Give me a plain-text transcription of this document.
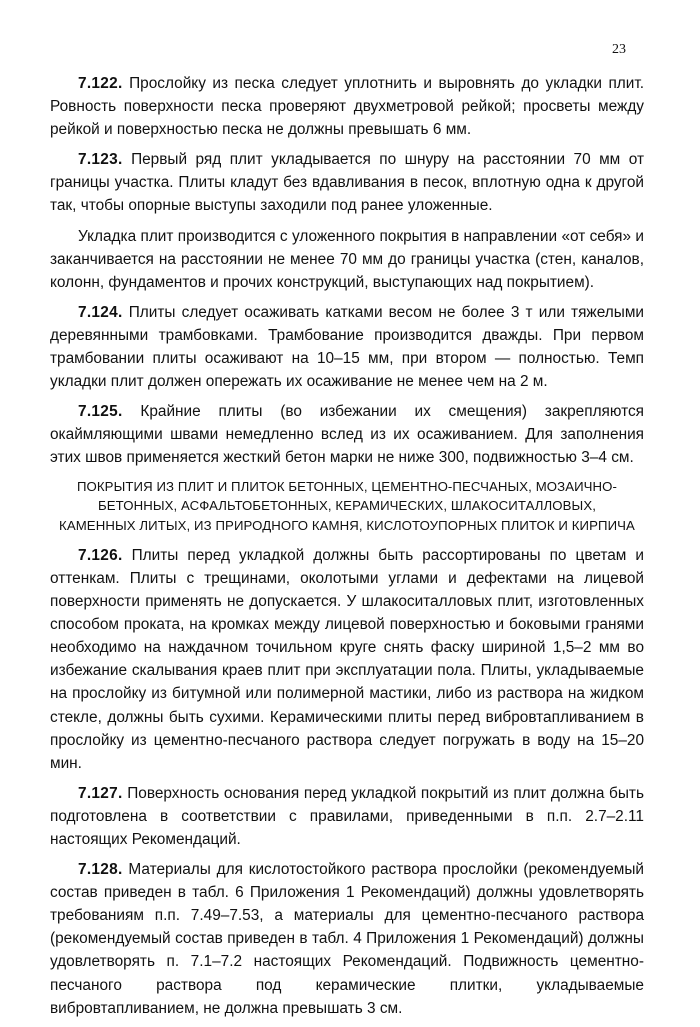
23

7.122. Прослойку из песка следует уплотнить и выровнять до укладки плит. Ровность поверхности песка проверяют двухметровой рейкой; просветы между рейкой и поверхностью песка не должны превышать 6 мм.

7.123. Первый ряд плит укладывается по шнуру на расстоянии 70 мм от границы участка. Плиты кладут без вдавливания в песок, вплотную одна к другой так, чтобы опорные выступы заходили под ранее уложенные.

Укладка плит производится с уложенного покрытия в направлении «от себя» и заканчивается на расстоянии не менее 70 мм до границы участка (стен, каналов, колонн, фундаментов и прочих конструкций, выступающих над покрытием).

7.124. Плиты следует осаживать катками весом не более 3 т или тяжелыми деревянными трамбовками. Трамбование производится дважды. При первом трамбовании плиты осаживают на 10–15 мм, при втором — полностью. Темп укладки плит должен опережать их осаживание не менее чем на 2 м.

7.125. Крайние плиты (во избежании их смещения) закрепляются окаймляющими швами немедленно вслед из их осаживанием. Для заполнения этих швов применяется жесткий бетон марки не ниже 300, подвижностью 3–4 см.

ПОКРЫТИЯ ИЗ ПЛИТ И ПЛИТОК БЕТОННЫХ, ЦЕМЕНТНО-ПЕСЧАНЫХ, МОЗАИЧНО-БЕТОННЫХ, АСФАЛЬТОБЕТОННЫХ, КЕРАМИЧЕСКИХ, ШЛАКОСИТАЛЛОВЫХ, КАМЕННЫХ ЛИТЫХ, ИЗ ПРИРОДНОГО КАМНЯ, КИСЛОТОУПОРНЫХ ПЛИТОК И КИРПИЧА

7.126. Плиты перед укладкой должны быть рассортированы по цветам и оттенкам. Плиты с трещинами, околотыми углами и дефектами на лицевой поверхности применять не допускается. У шлакоситалловых плит, изготовленных способом проката, на кромках между лицевой поверхностью и боковыми гранями необходимо на наждачном точильном круге снять фаску шириной 1,5–2 мм во избежание скалывания краев плит при эксплуатации пола. Плиты, укладываемые на прослойку из битумной или полимерной мастики, либо из раствора на жидком стекле, должны быть сухими. Керамическими плиты перед вибровтапливанием в прослойку из цементно-песчаного раствора следует погружать в воду на 15–20 мин.

7.127. Поверхность основания перед укладкой покрытий из плит должна быть подготовлена в соответствии с правилами, приведенными в п.п. 2.7–2.11 настоящих Рекомендаций.

7.128. Материалы для кислотостойкого раствора прослойки (рекомендуемый состав приведен в табл. 6 Приложения 1 Рекомендаций) должны удовлетворять требованиям п.п. 7.49–7.53, а материалы для цементно-песчаного раствора (рекомендуемый состав приведен в табл. 4 Приложения 1 Рекомендаций) должны удовлетворять п. 7.1–7.2 настоящих Рекомендаций. Подвижность цементно-песчаного раствора под керамические плитки, укладываемые вибровтапливанием, не должна превышать 3 см.
